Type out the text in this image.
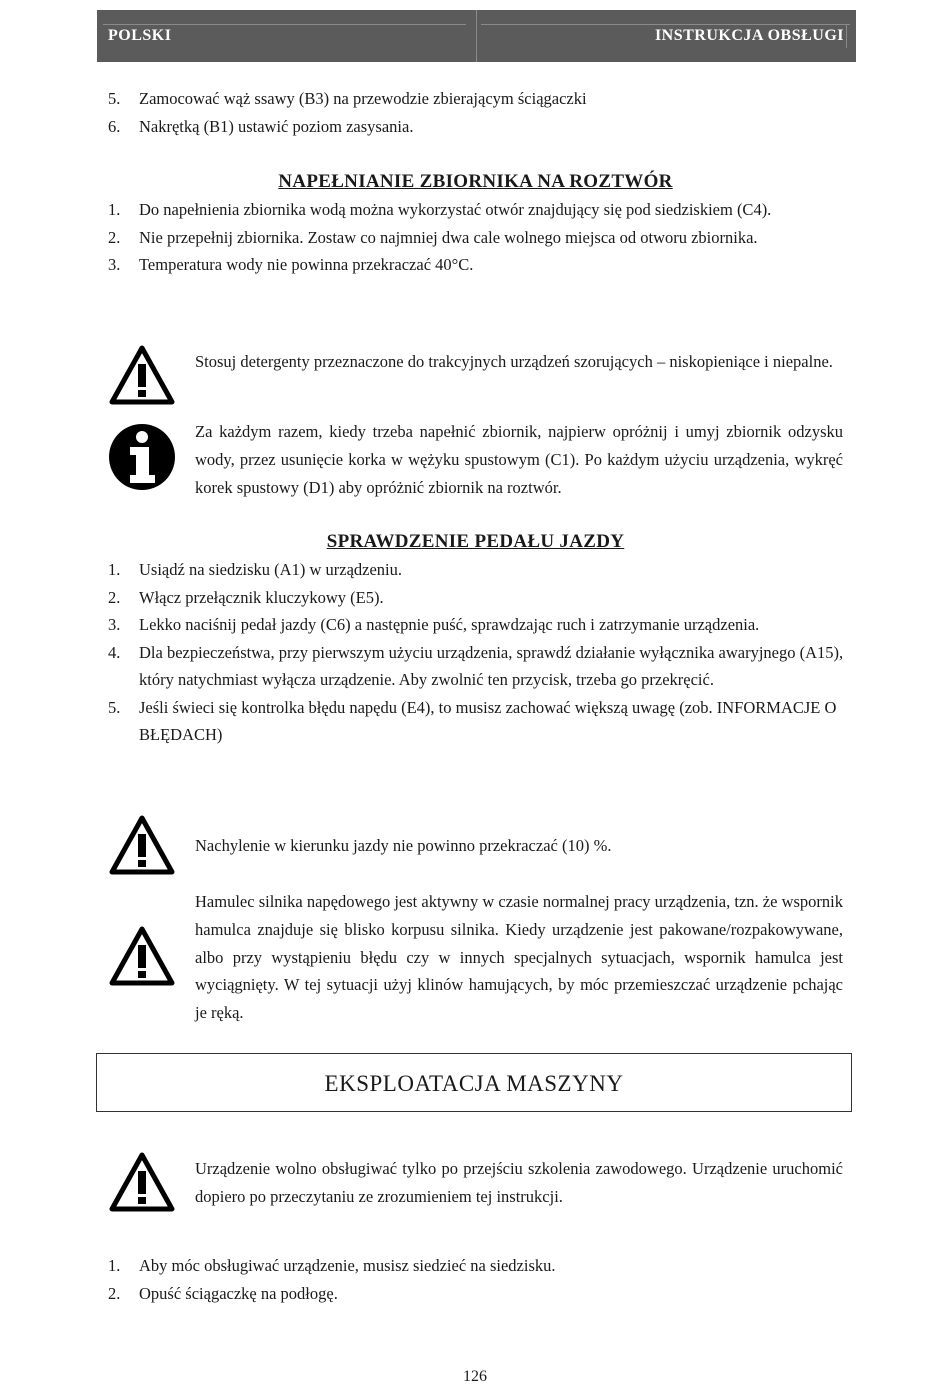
POLSKI	INSTRUKCJA OBSŁUGI
5. Zamocować wąż ssawy (B3) na przewodzie zbierającym ściągaczki
6. Nakrętką (B1) ustawić poziom zasysania.
NAPEŁNIANIE ZBIORNIKA NA ROZTWÓR
1. Do napełnienia zbiornika wodą można wykorzystać otwór znajdujący się pod siedziskiem (C4).
2. Nie przepełnij zbiornika. Zostaw co najmniej dwa cale wolnego miejsca od otworu zbiornika.
3. Temperatura wody nie powinna przekraczać 40°C.
Stosuj detergenty przeznaczone do trakcyjnych urządzeń szorujących – niskopieniące i niepalne.
Za każdym razem, kiedy trzeba napełnić zbiornik, najpierw opróżnij i umyj zbiornik odzysku wody, przez usunięcie korka w wężyku spustowym (C1). Po każdym użyciu urządzenia, wykręć korek spustowy (D1) aby opróżnić zbiornik na roztwór.
SPRAWDZENIE PEDAŁU JAZDY
1. Usiądź na siedzisku (A1) w urządzeniu.
2. Włącz przełącznik kluczykowy (E5).
3. Lekko naciśnij pedał jazdy (C6) a następnie puść, sprawdzając ruch i zatrzymanie urządzenia.
4. Dla bezpieczeństwa, przy pierwszym użyciu urządzenia, sprawdź działanie wyłącznika awaryjnego (A15), który natychmiast wyłącza urządzenie. Aby zwolnić ten przycisk, trzeba go przekręcić.
5. Jeśli świeci się kontrolka błędu napędu (E4), to musisz zachować większą uwagę (zob. INFORMACJE O BŁĘDACH)
Nachylenie w kierunku jazdy nie powinno przekraczać (10) %.
Hamulec silnika napędowego jest aktywny w czasie normalnej pracy urządzenia, tzn. że wspornik hamulca znajduje się blisko korpusu silnika. Kiedy urządzenie jest pakowane/rozpakowywane, albo przy wystąpieniu błędu czy w innych specjalnych sytuacjach, wspornik hamulca jest wyciągnięty. W tej sytuacji użyj klinów hamujących, by móc przemieszczać urządzenie pchając je ręką.
EKSPLOATACJA MASZYNY
Urządzenie wolno obsługiwać tylko po przejściu szkolenia zawodowego. Urządzenie uruchomić dopiero po przeczytaniu ze zrozumieniem tej instrukcji.
1. Aby móc obsługiwać urządzenie, musisz siedzieć na siedzisku.
2. Opuść ściągaczkę na podłogę.
126
